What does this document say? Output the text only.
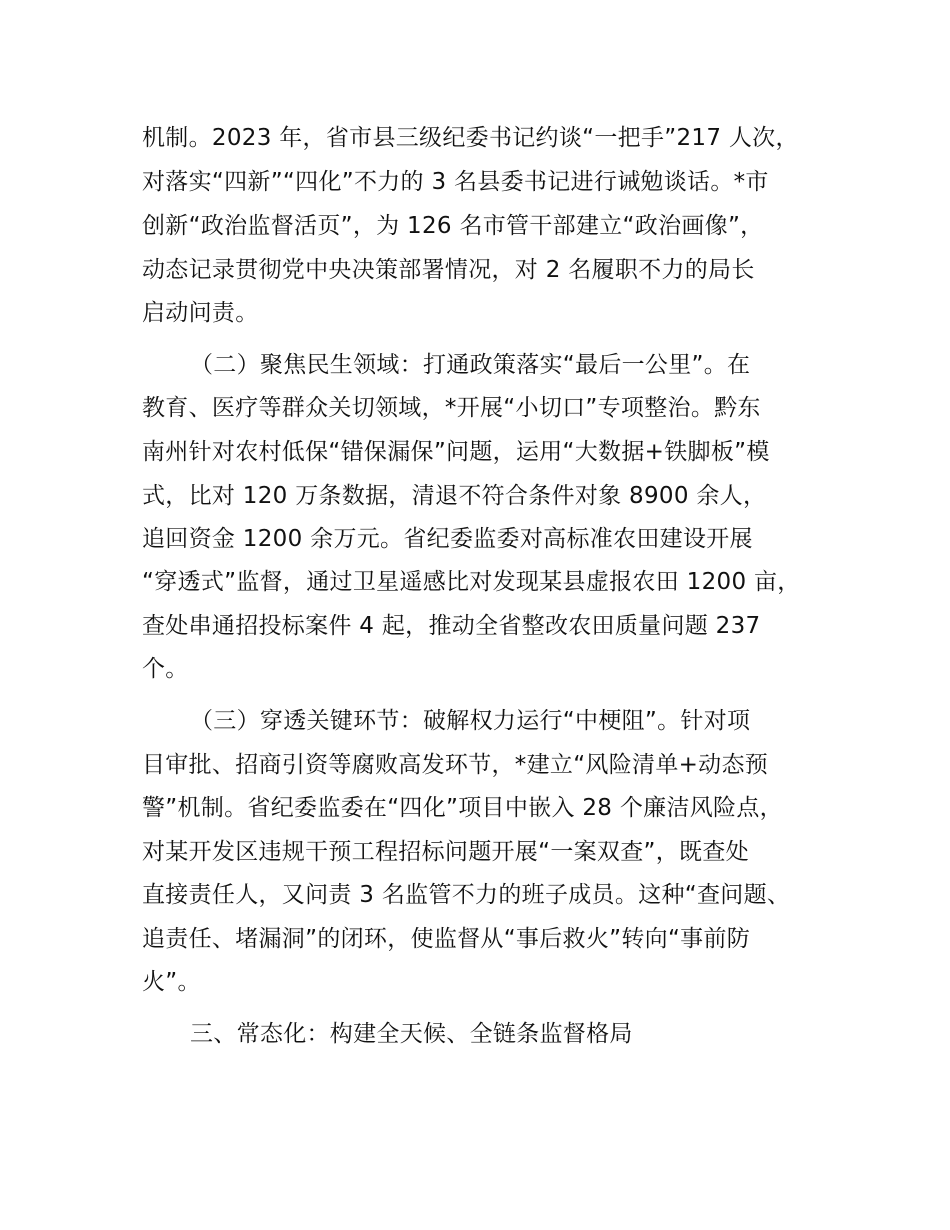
机制。2023 年，省市县三级纪委书记约谈“一把手”217 人次，
对落实“四新”“四化”不力的 3 名县委书记进行诫勉谈话。*市
创新“政治监督活页”，为 126 名市管干部建立“政治画像”，
动态记录贯彻党中央决策部署情况，对 2 名履职不力的局长
启动问责。
（二）聚焦民生领域：打通政策落实“最后一公里”。在
教育、医疗等群众关切领域，*开展“小切口”专项整治。黔东
南州针对农村低保“错保漏保”问题，运用“大数据+铁脚板”模
式，比对 120 万条数据，清退不符合条件对象 8900 余人，
追回资金 1200 余万元。省纪委监委对高标准农田建设开展
“穿透式”监督，通过卫星遥感比对发现某县虚报农田 1200 亩，
查处串通招投标案件 4 起，推动全省整改农田质量问题 237
个。
（三）穿透关键环节：破解权力运行“中梗阻”。针对项
目审批、招商引资等腐败高发环节，*建立“风险清单+动态预
警”机制。省纪委监委在“四化”项目中嵌入 28 个廉洁风险点，
对某开发区违规干预工程招标问题开展“一案双查”，既查处
直接责任人，又问责 3 名监管不力的班子成员。这种“查问题、
追责任、堵漏洞”的闭环，使监督从“事后救火”转向“事前防
火”。
三、常态化：构建全天候、全链条监督格局
